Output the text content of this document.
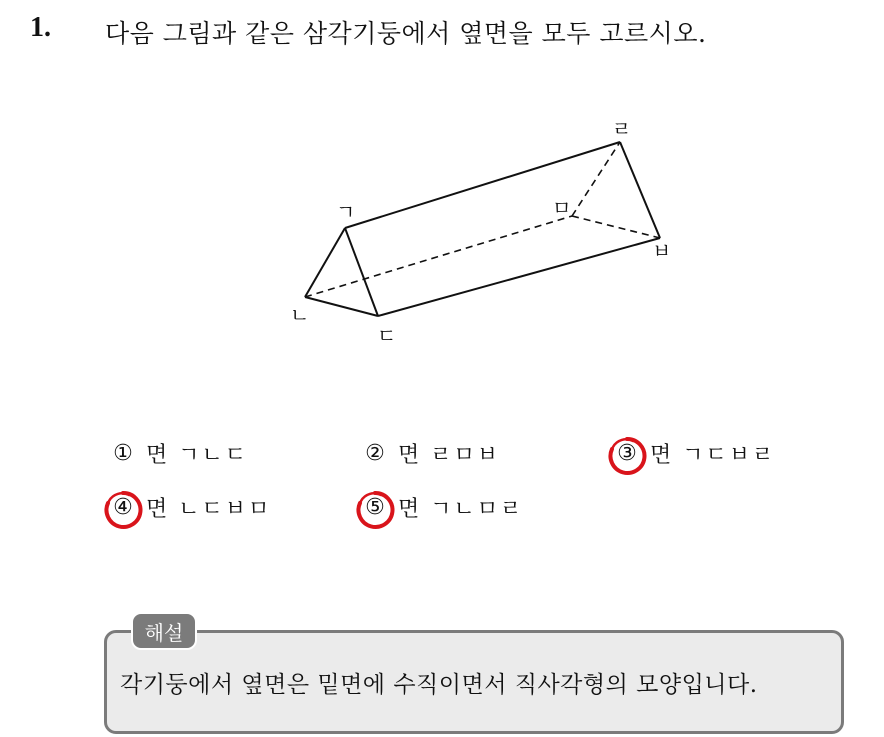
1. 다음 그림과 같은 삼각기둥에서 옆면을 모두 고르시오.
ㄱ
ㄴ
ㄷ
ㄹ
ㅁ
ㅂ
① 면 ㄱㄴㄷ	② 면 ㄹㅁㅂ	③ 면 ㄱㄷㅂㄹ
④ 면 ㄴㄷㅂㅁ	⑤ 면 ㄱㄴㅁㄹ
해설
각기둥에서 옆면은 밑면에 수직이면서 직사각형의 모양입니다.
